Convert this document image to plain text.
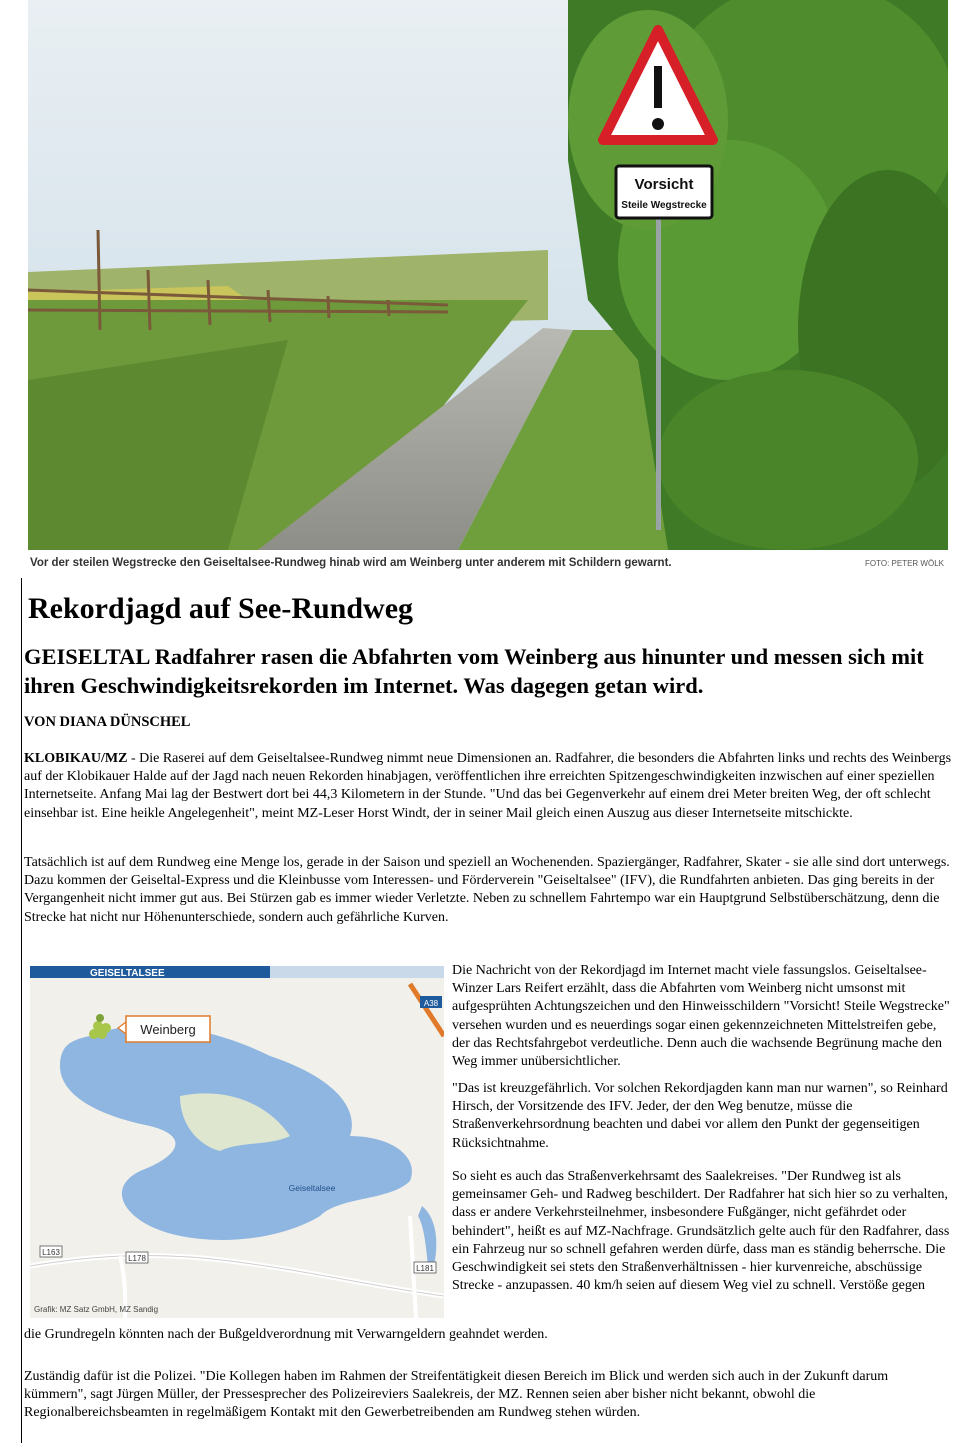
Vorsicht
Steile Wegstrecke
Vor der steilen Wegstrecke den Geiseltalsee-Rundweg hinab wird am Weinberg unter anderem mit Schildern gewarnt.	FOTO: PETER WÖLK
Rekordjagd auf See-Rundweg
GEISELTAL Radfahrer rasen die Abfahrten vom Weinberg aus hinunter und messen sich mit ihren Geschwindigkeitsrekorden im Internet. Was dagegen getan wird.

VON DIANA DÜNSCHEL

KLOBIKAU/MZ - Die Raserei auf dem Geiseltalsee-Rundweg nimmt neue Dimensionen an. Radfahrer, die besonders die Abfahrten links und rechts des Weinbergs auf der Klobikauer Halde auf der Jagd nach neuen Rekorden hinabjagen, veröffentlichen ihre erreichten Spitzengeschwindigkeiten inzwischen auf einer speziellen Internetseite. Anfang Mai lag der Bestwert dort bei 44,3 Kilometern in der Stunde. "Und das bei Gegenverkehr auf einem drei Meter breiten Weg, der oft schlecht einsehbar ist. Eine heikle Angelegenheit", meint MZ-Leser Horst Windt, der in seiner Mail gleich einen Auszug aus dieser Internetseite mitschickte.

Tatsächlich ist auf dem Rundweg eine Menge los, gerade in der Saison und speziell an Wochenenden. Spaziergänger, Radfahrer, Skater - sie alle sind dort unterwegs. Dazu kommen der Geiseltal-Express und die Kleinbusse vom Interessen- und Förderverein "Geiseltalsee" (IFV), die Rundfahrten anbieten. Das ging bereits in der Vergangenheit nicht immer gut aus. Bei Stürzen gab es immer wieder Verletzte. Neben zu schnellem Fahrtempo war ein Hauptgrund Selbstüberschätzung, denn die Strecke hat nicht nur Höhenunterschiede, sondern auch gefährliche Kurven.

GEISELTALSEE
A38
Geiseltalsee
L163
L178
L181
Weinberg
Grafik: MZ Satz GmbH, MZ Sandig

Die Nachricht von der Rekordjagd im Internet macht viele fassungslos. Geiseltalsee-Winzer Lars Reifert erzählt, dass die Abfahrten vom Weinberg nicht umsonst mit aufgesprühten Achtungszeichen und den Hinweisschildern "Vorsicht! Steile Wegstrecke" versehen wurden und es neuerdings sogar einen gekennzeichneten Mittelstreifen gebe, der das Rechtsfahrgebot verdeutliche. Denn auch die wachsende Begrünung mache den Weg immer unübersichtlicher.

"Das ist kreuzgefährlich. Vor solchen Rekordjagden kann man nur warnen", so Reinhard Hirsch, der Vorsitzende des IFV. Jeder, der den Weg benutze, müsse die Straßenverkehrsordnung beachten und dabei vor allem den Punkt der gegenseitigen Rücksichtnahme.

So sieht es auch das Straßenverkehrsamt des Saalekreises. "Der Rundweg ist als gemeinsamer Geh- und Radweg beschildert. Der Radfahrer hat sich hier so zu verhalten, dass er andere Verkehrsteilnehmer, insbesondere Fußgänger, nicht gefährdet oder behindert", heißt es auf MZ-Nachfrage. Grundsätzlich gelte auch für den Radfahrer, dass ein Fahrzeug nur so schnell gefahren werden dürfe, dass man es ständig beherrsche. Die Geschwindigkeit sei stets den Straßenverhältnissen - hier kurvenreiche, abschüssige Strecke - anzupassen. 40 km/h seien auf diesem Weg viel zu schnell. Verstöße gegen

die Grundregeln könnten nach der Bußgeldverordnung mit Verwarngeldern geahndet werden.

Zuständig dafür ist die Polizei. "Die Kollegen haben im Rahmen der Streifentätigkeit diesen Bereich im Blick und werden sich auch in der Zukunft darum kümmern", sagt Jürgen Müller, der Pressesprecher des Polizeireviers Saalekreis, der MZ. Rennen seien aber bisher nicht bekannt, obwohl die Regionalbereichsbeamten in regelmäßigem Kontakt mit den Gewerbetreibenden am Rundweg stehen würden.
